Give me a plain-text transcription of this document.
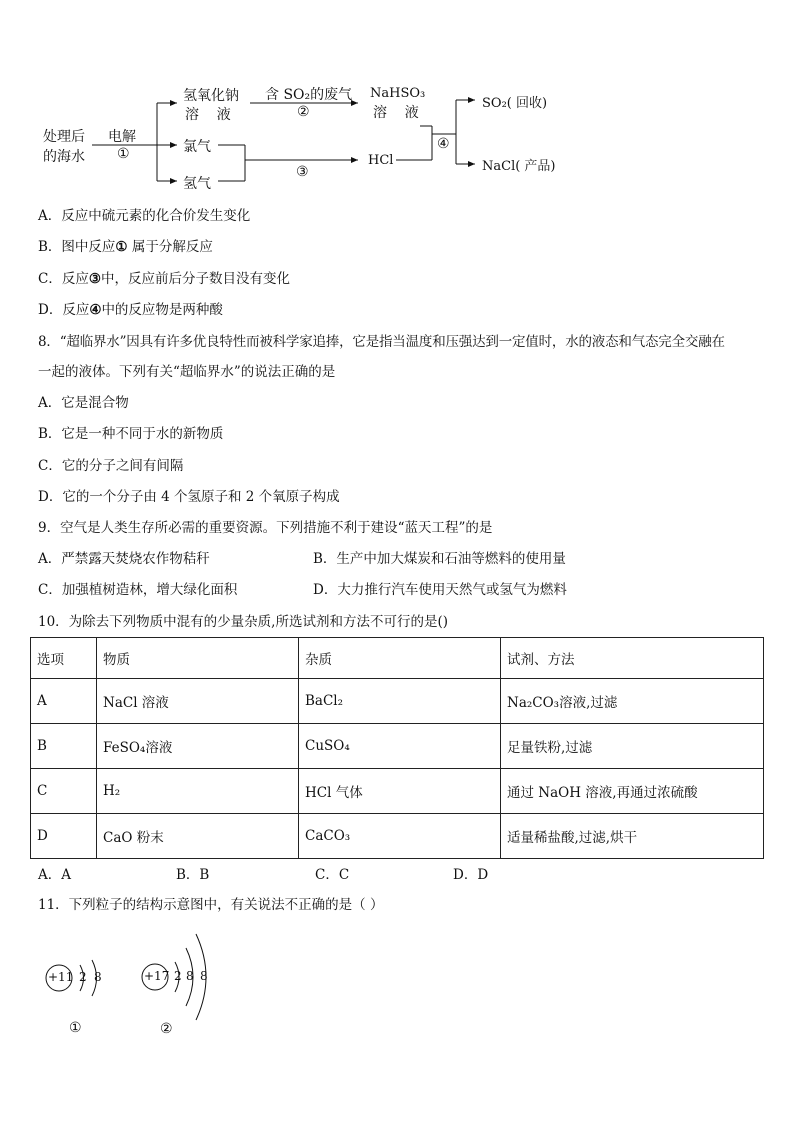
处理后
的海水
电解
①
氢氧化钠
溶    液
含 SO₂的废气
②
NaHSO₃
溶    液
氯气
氢气
③
HCl
④
SO₂( 回收)
NaCl( 产品)
A．反应中硫元素的化合价发生变化
B．图中反应① 属于分解反应
C．反应③中，反应前后分子数目没有变化
D．反应④中的反应物是两种酸
8．“超临界水”因具有许多优良特性而被科学家追捧，它是指当温度和压强达到一定值时，水的液态和气态完全交融在
一起的液体。下列有关“超临界水”的说法正确的是
A．它是混合物
B．它是一种不同于水的新物质
C．它的分子之间有间隔
D．它的一个分子由 4 个氢原子和 2 个氧原子构成
9．空气是人类生存所必需的重要资源。下列措施不利于建设“蓝天工程”的是
A．严禁露天焚烧农作物秸秆	B．生产中加大煤炭和石油等燃料的使用量
C．加强植树造林，增大绿化面积	D．大力推行汽车使用天然气或氢气为燃料
10．为除去下列物质中混有的少量杂质,所选试剂和方法不可行的是()
选项	物质	杂质	试剂、方法
A	NaCl 溶液	BaCl₂	Na₂CO₃溶液,过滤
B	FeSO₄溶液	CuSO₄	足量铁粉,过滤
C	H₂	HCl 气体	通过 NaOH 溶液,再通过浓硫酸
D	CaO 粉末	CaCO₃	适量稀盐酸,过滤,烘干
A．A	B．B	C．C	D．D
11．下列粒子的结构示意图中，有关说法不正确的是（ ）
+11 2 8
①
+17 2 8 8
②
